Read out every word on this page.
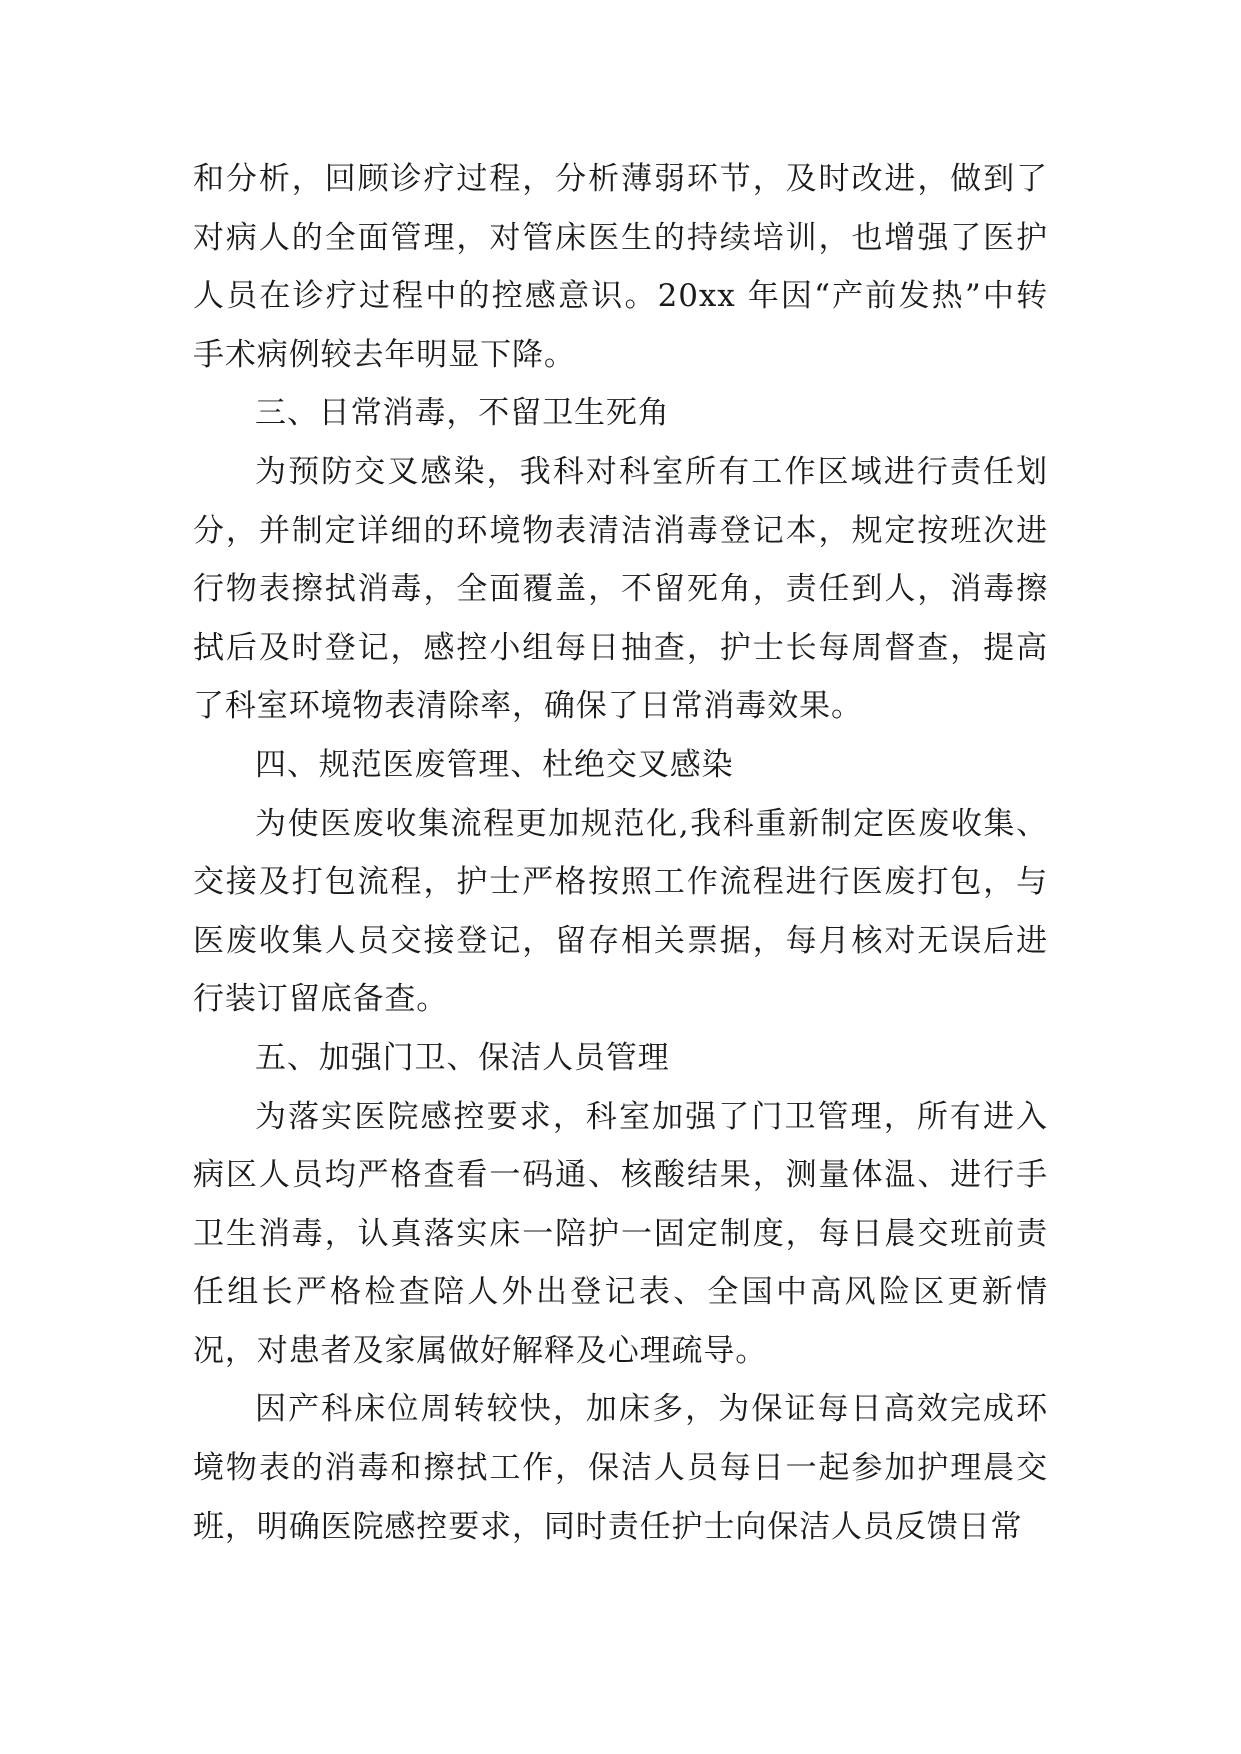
和分析，回顾诊疗过程，分析薄弱环节，及时改进，做到了对病人的全面管理，对管床医生的持续培训，也增强了医护人员在诊疗过程中的控感意识。20xx 年因“产前发热”中转手术病例较去年明显下降。

三、日常消毒，不留卫生死角

为预防交叉感染，我科对科室所有工作区域进行责任划分，并制定详细的环境物表清洁消毒登记本，规定按班次进行物表擦拭消毒，全面覆盖，不留死角，责任到人，消毒擦拭后及时登记，感控小组每日抽查，护士长每周督查，提高了科室环境物表清除率，确保了日常消毒效果。

四、规范医废管理、杜绝交叉感染

为使医废收集流程更加规范化,我科重新制定医废收集、交接及打包流程，护士严格按照工作流程进行医废打包，与医废收集人员交接登记，留存相关票据，每月核对无误后进行装订留底备查。

五、加强门卫、保洁人员管理

为落实医院感控要求，科室加强了门卫管理，所有进入病区人员均严格查看一码通、核酸结果，测量体温、进行手卫生消毒，认真落实床一陪护一固定制度，每日晨交班前责任组长严格检查陪人外出登记表、全国中高风险区更新情况，对患者及家属做好解释及心理疏导。

因产科床位周转较快，加床多，为保证每日高效完成环境物表的消毒和擦拭工作，保洁人员每日一起参加护理晨交班，明确医院感控要求，同时责任护士向保洁人员反馈日常
